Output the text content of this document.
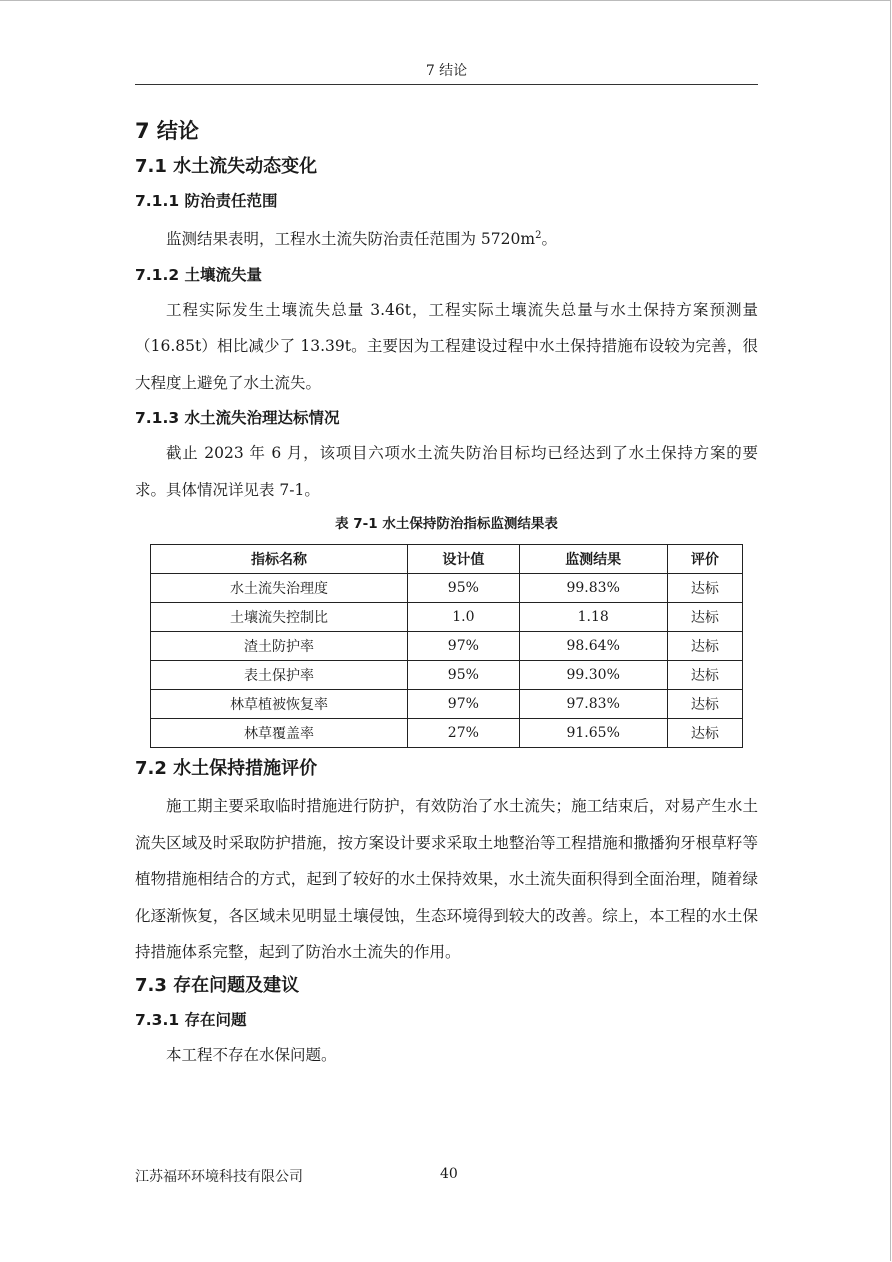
7 结论
7 结论
7.1 水土流失动态变化
7.1.1 防治责任范围

监测结果表明，工程水土流失防治责任范围为 $5720m^2$。

7.1.2 土壤流失量

工程实际发生土壤流失总量 3.46t，工程实际土壤流失总量与水土保持方案预测量（16.85t）相比减少了 13.39t。主要因为工程建设过程中水土保持措施布设较为完善，很大程度上避免了水土流失。

7.1.3 水土流失治理达标情况

截止 2023 年 6 月，该项目六项水土流失防治目标均已经达到了水土保持方案的要求。具体情况详见表 7-1。

表 7-1 水土保持防治指标监测结果表
指标名称	设计值	监测结果	评价
水土流失治理度	95%	99.83%	达标
土壤流失控制比	1.0	1.18	达标
渣土防护率	97%	98.64%	达标
表土保护率	95%	99.30%	达标
林草植被恢复率	97%	97.83%	达标
林草覆盖率	27%	91.65%	达标
7.2 水土保持措施评价

施工期主要采取临时措施进行防护，有效防治了水土流失；施工结束后，对易产生水土流失区域及时采取防护措施，按方案设计要求采取土地整治等工程措施和撒播狗牙根草籽等植物措施相结合的方式，起到了较好的水土保持效果，水土流失面积得到全面治理，随着绿化逐渐恢复，各区域未见明显土壤侵蚀，生态环境得到较大的改善。综上，本工程的水土保持措施体系完整，起到了防治水土流失的作用。

7.3 存在问题及建议
7.3.1 存在问题

本工程不存在水保问题。

江苏福环环境科技有限公司	40
